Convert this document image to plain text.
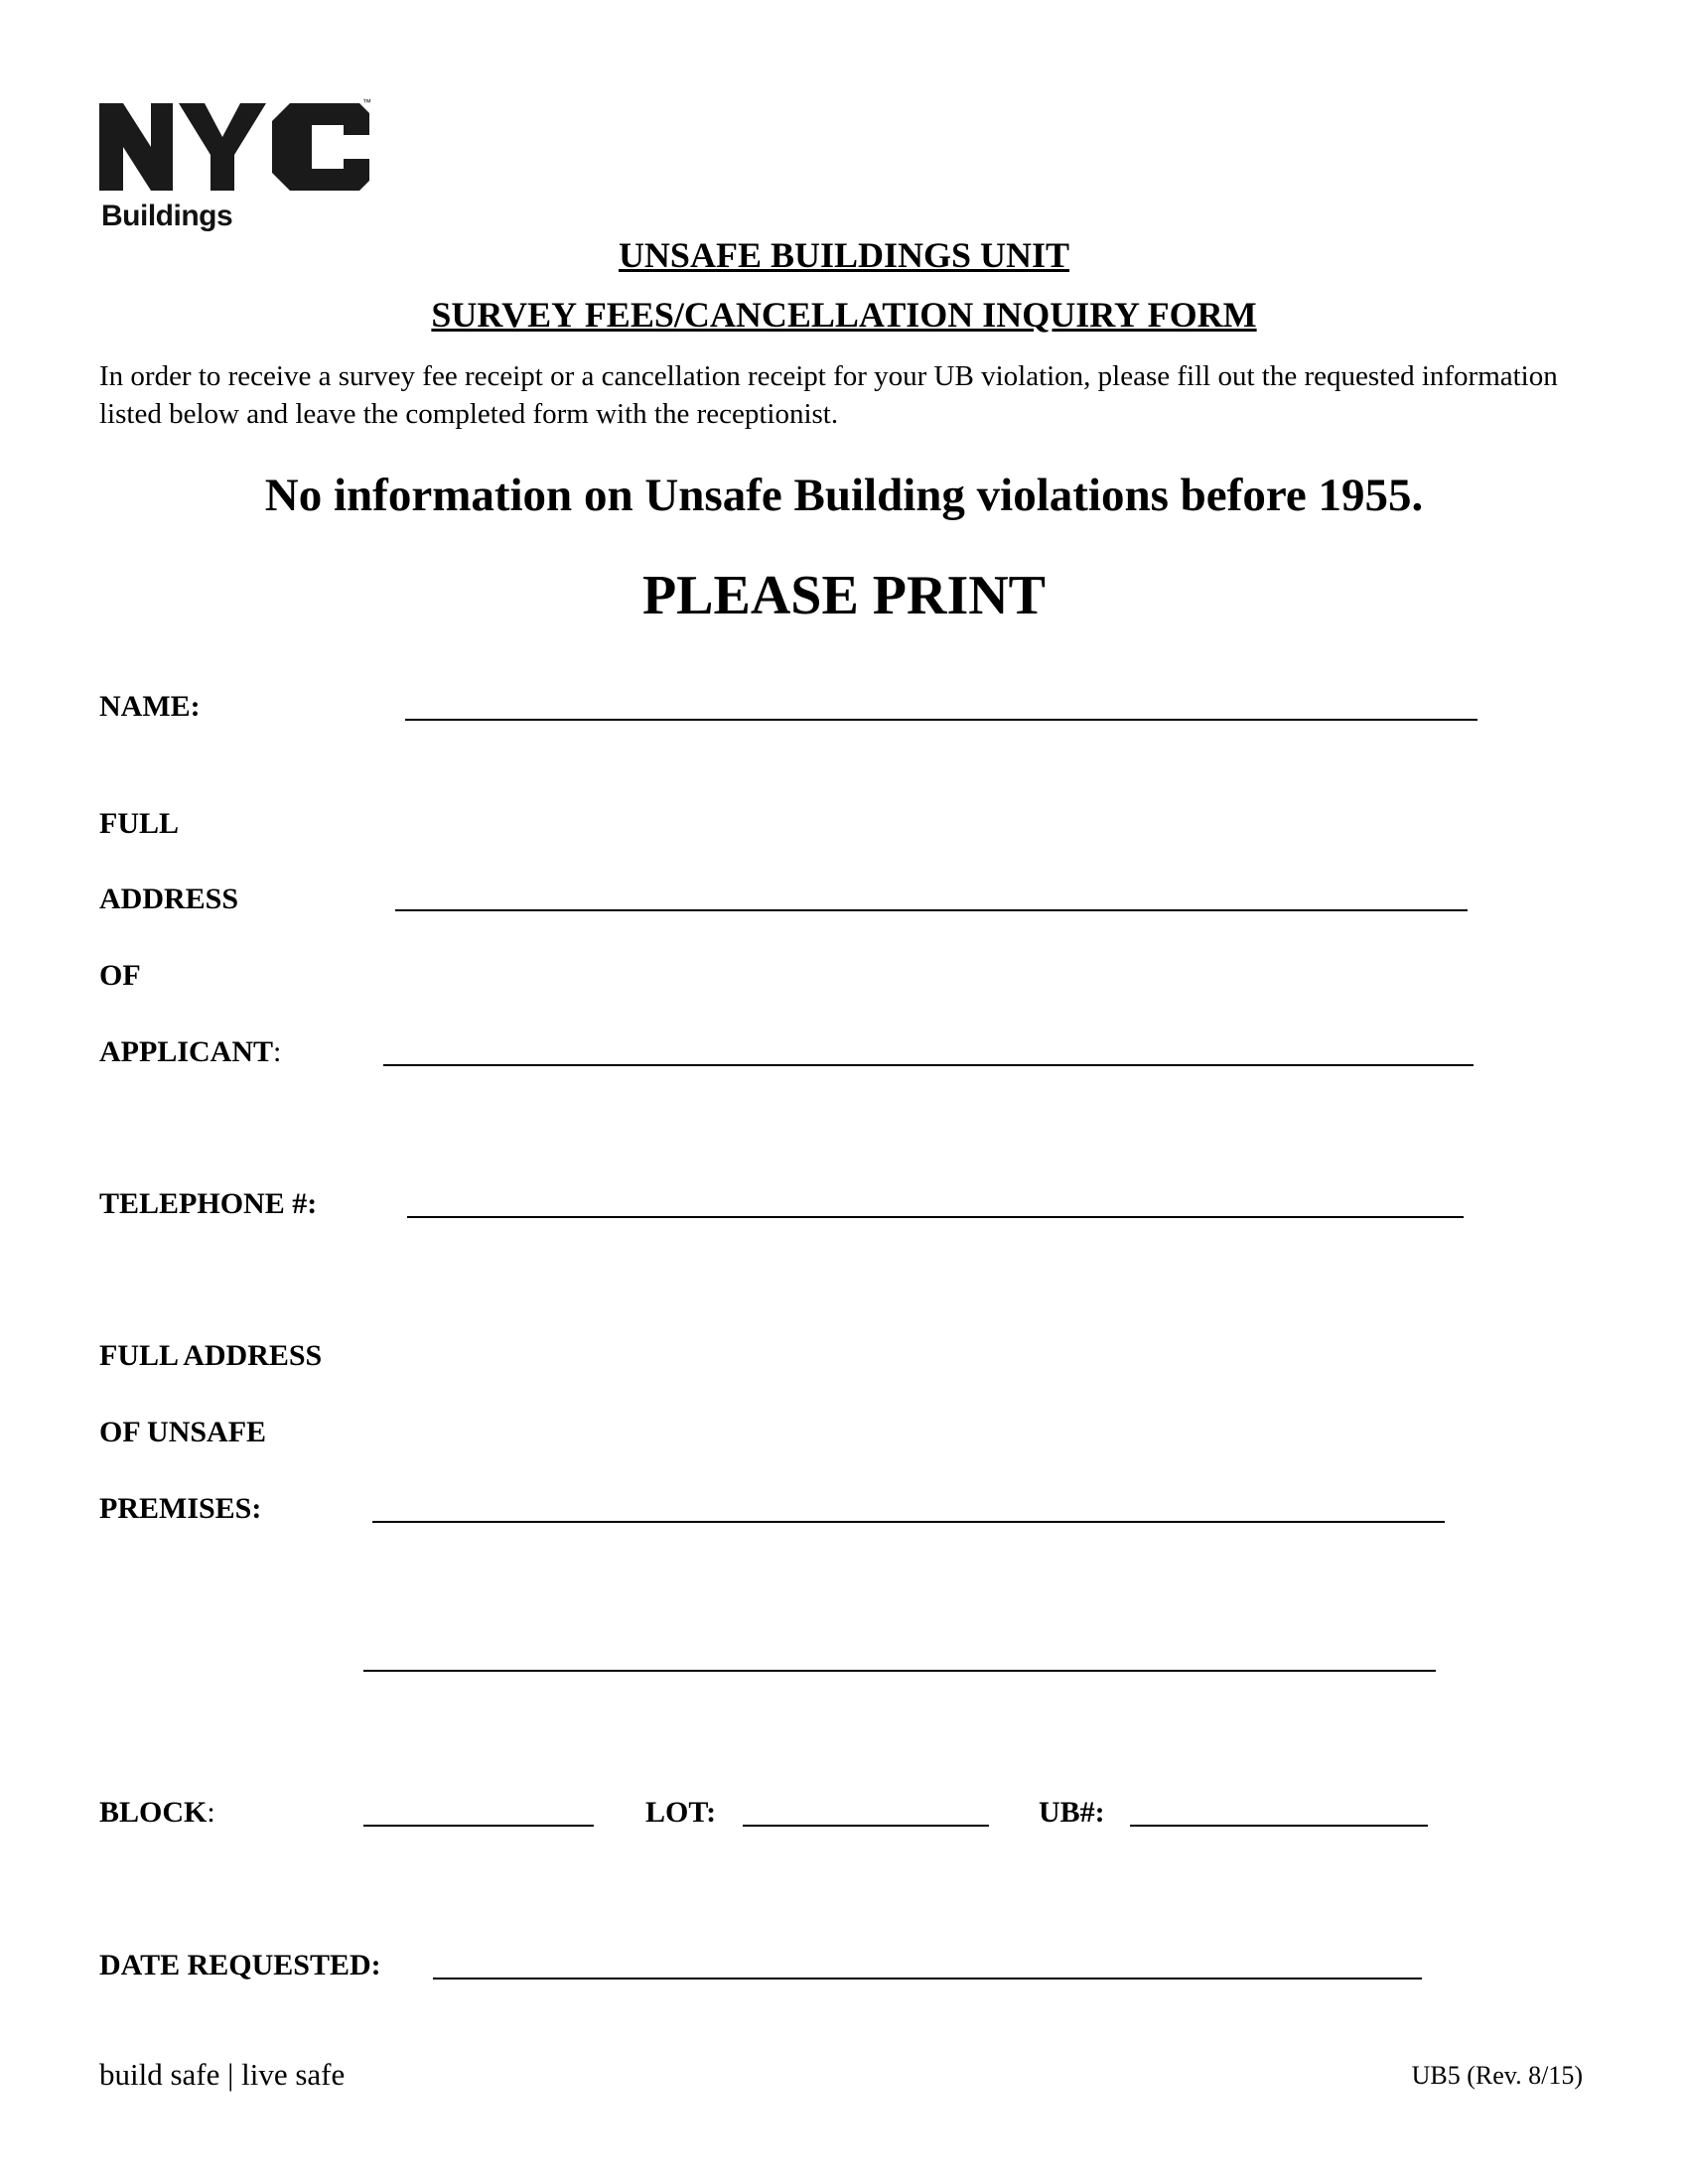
™
Buildings
UNSAFE BUILDINGS UNIT
SURVEY FEES/CANCELLATION INQUIRY FORM
In order to receive a survey fee receipt or a cancellation receipt for your UB violation, please fill out the requested information listed below and leave the completed form with the receptionist.
No information on Unsafe Building violations before 1955.
PLEASE PRINT
NAME:
FULL
ADDRESS
OF
APPLICANT:
TELEPHONE #:
FULL ADDRESS
OF UNSAFE
PREMISES:
BLOCK:	LOT:	UB#:
DATE REQUESTED:
build safe | live safe	UB5 (Rev. 8/15)
